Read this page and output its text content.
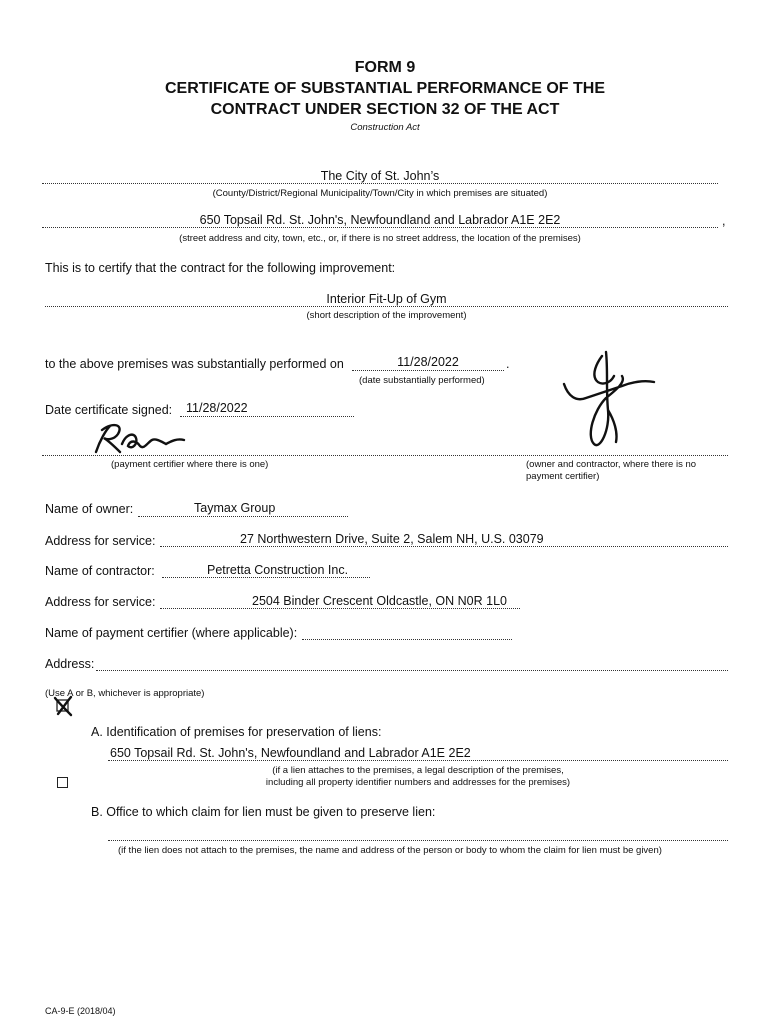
FORM 9
CERTIFICATE OF SUBSTANTIAL PERFORMANCE OF THE
CONTRACT UNDER SECTION 32 OF THE ACT
Construction Act
The City of St. John’s
(County/District/Regional Municipality/Town/City in which premises are situated)
650 Topsail Rd. St. John's, Newfoundland and Labrador A1E 2E2	,
(street address and city, town, etc., or, if there is no street address, the location of the premises)
This is to certify that the contract for the following improvement:
Interior Fit-Up of Gym
(short description of the improvement)
to the above premises was substantially performed on	11/28/2022	.
(date substantially performed)
Date certificate signed: 11/28/2022
(payment certifier where there is one)	(owner and contractor, where there is no
payment certifier)
Name of owner:	Taymax Group
Address for service:	27 Northwestern Drive, Suite 2, Salem NH, U.S. 03079
Name of contractor:	Petretta Construction Inc.
Address for service:	2504 Binder Crescent Oldcastle, ON N0R 1L0
Name of payment certifier (where applicable):
Address:
(Use A or B, whichever is appropriate)
A. Identification of premises for preservation of liens:
650 Topsail Rd. St. John's, Newfoundland and Labrador A1E 2E2
(if a lien attaches to the premises, a legal description of the premises,
including all property identifier numbers and addresses for the premises)
B. Office to which claim for lien must be given to preserve lien:
(if the lien does not attach to the premises, the name and address of the person or body to whom the claim for lien must be given)
CA-9-E (2018/04)
